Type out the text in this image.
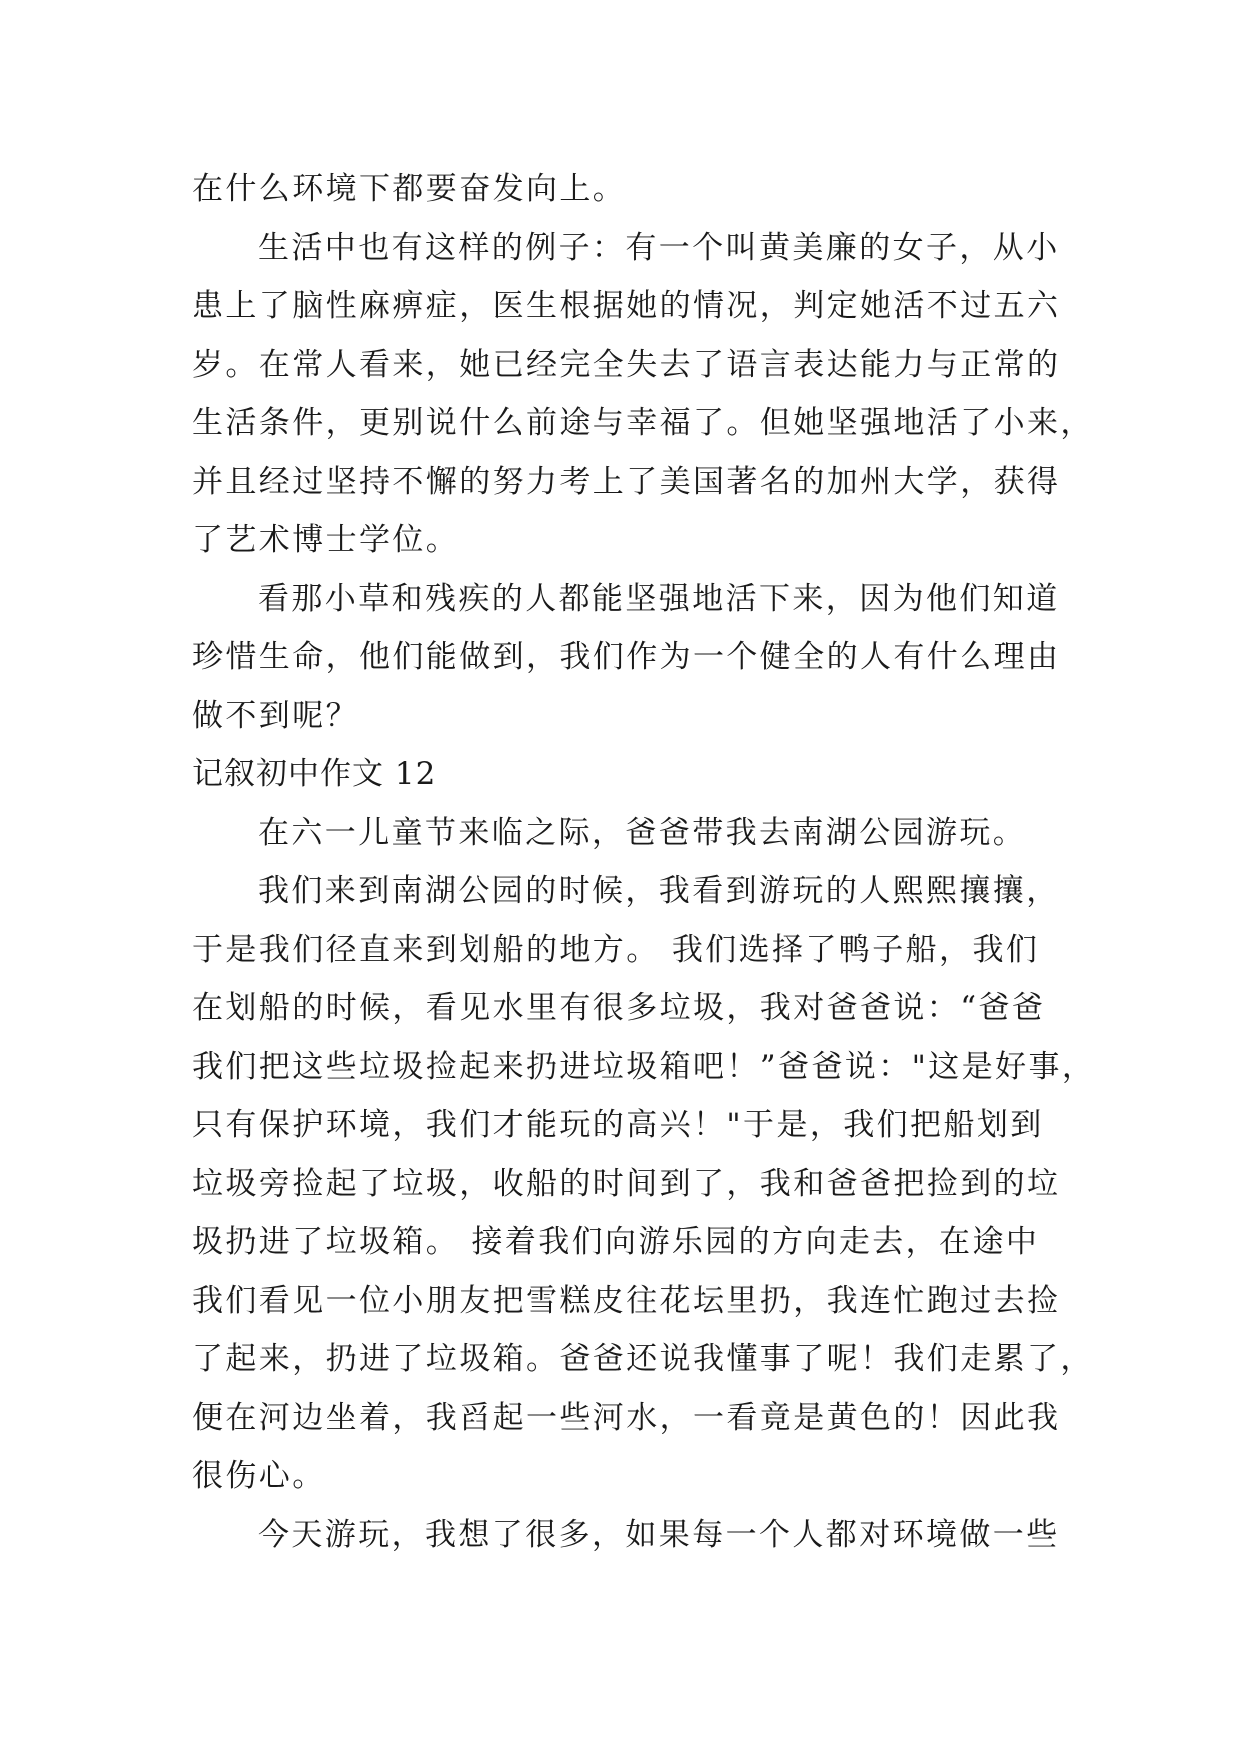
在什么环境下都要奋发向上。
生活中也有这样的例子：有一个叫黄美廉的女子，从小
患上了脑性麻痹症，医生根据她的情况，判定她活不过五六
岁。在常人看来，她已经完全失去了语言表达能力与正常的
生活条件，更别说什么前途与幸福了。但她坚强地活了小来，
并且经过坚持不懈的努力考上了美国著名的加州大学，获得
了艺术博士学位。
看那小草和残疾的人都能坚强地活下来，因为他们知道
珍惜生命，他们能做到，我们作为一个健全的人有什么理由
做不到呢？
记叙初中作文 12
在六一儿童节来临之际，爸爸带我去南湖公园游玩。
我们来到南湖公园的时候，我看到游玩的人熙熙攘攘，
于是我们径直来到划船的地方。 我们选择了鸭子船，我们
在划船的时候，看见水里有很多垃圾，我对爸爸说：“爸爸
我们把这些垃圾捡起来扔进垃圾箱吧！”爸爸说："这是好事，
只有保护环境，我们才能玩的高兴！"于是，我们把船划到
垃圾旁捡起了垃圾，收船的时间到了，我和爸爸把捡到的垃
圾扔进了垃圾箱。 接着我们向游乐园的方向走去，在途中
我们看见一位小朋友把雪糕皮往花坛里扔，我连忙跑过去捡
了起来，扔进了垃圾箱。爸爸还说我懂事了呢！我们走累了，
便在河边坐着，我舀起一些河水，一看竟是黄色的！因此我
很伤心。
今天游玩，我想了很多，如果每一个人都对环境做一些
